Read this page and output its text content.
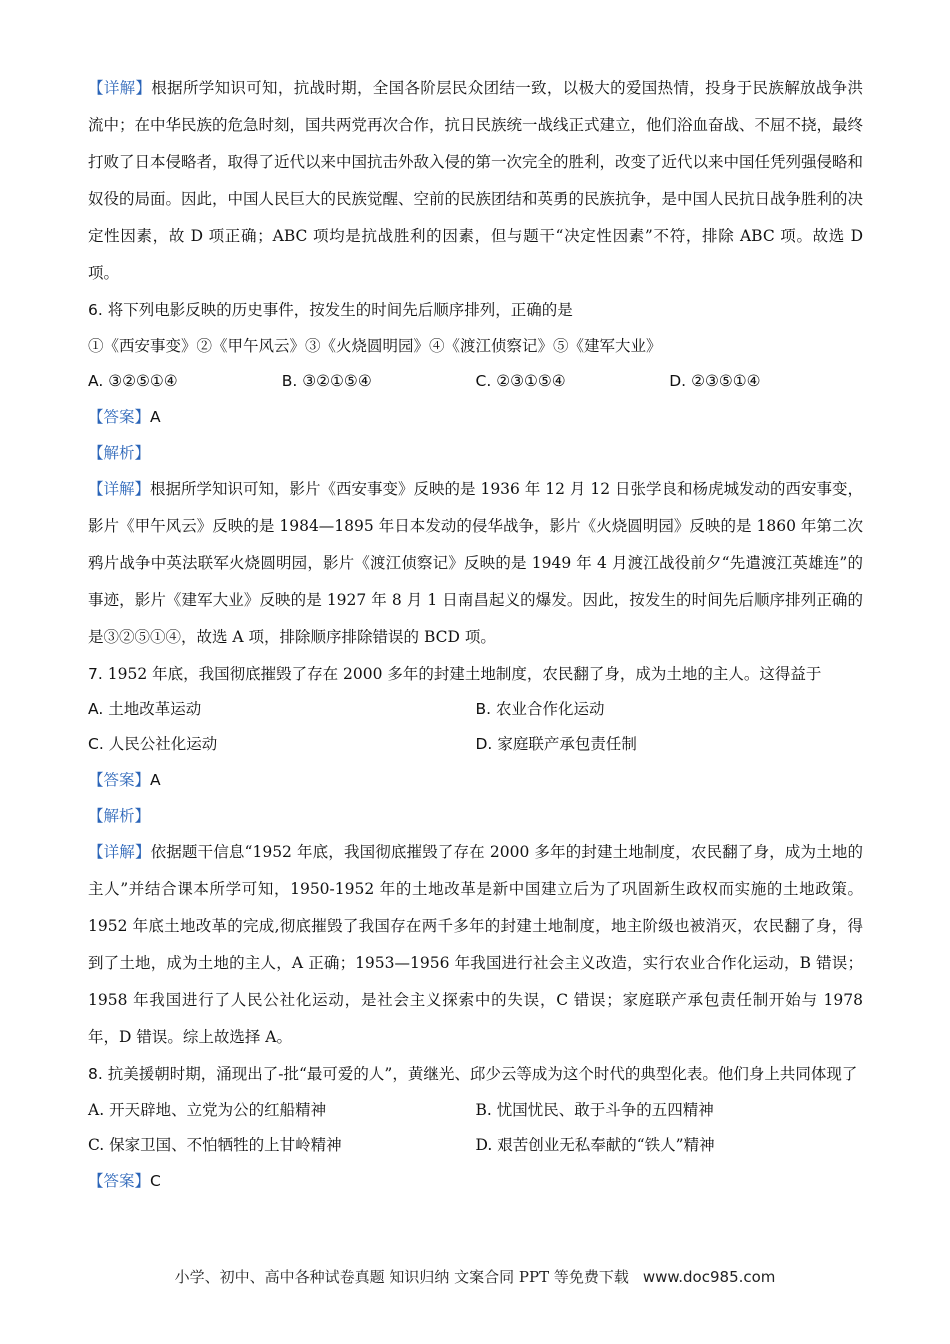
【详解】根据所学知识可知，抗战时期，全国各阶层民众团结一致，以极大的爱国热情，投身于民族解放战争洪流中；在中华民族的危急时刻，国共两党再次合作，抗日民族统一战线正式建立，他们浴血奋战、不屈不挠，最终打败了日本侵略者，取得了近代以来中国抗击外敌入侵的第一次完全的胜利，改变了近代以来中国任凭列强侵略和奴役的局面。因此，中国人民巨大的民族觉醒、空前的民族团结和英勇的民族抗争，是中国人民抗日战争胜利的决定性因素，故 D 项正确；ABC 项均是抗战胜利的因素，但与题干“决定性因素”不符，排除 ABC 项。故选 D 项。

6. 将下列电影反映的历史事件，按发生的时间先后顺序排列，正确的是

①《西安事变》②《甲午风云》③《火烧圆明园》④《渡江侦察记》⑤《建军大业》

A. ③②⑤①④	B. ③②①⑤④	C. ②③①⑤④	D. ②③⑤①④

【答案】A

【解析】

【详解】根据所学知识可知，影片《西安事变》反映的是 1936 年 12 月 12 日张学良和杨虎城发动的西安事变，影片《甲午风云》反映的是 1984—1895 年日本发动的侵华战争，影片《火烧圆明园》反映的是 1860 年第二次鸦片战争中英法联军火烧圆明园，影片《渡江侦察记》反映的是 1949 年 4 月渡江战役前夕“先遣渡江英雄连”的事迹，影片《建军大业》反映的是 1927 年 8 月 1 日南昌起义的爆发。因此，按发生的时间先后顺序排列正确的是③②⑤①④，故选 A 项，排除顺序排除错误的 BCD 项。

7. 1952 年底，我国彻底摧毁了存在 2000 多年的封建土地制度，农民翻了身，成为土地的主人。这得益于

A. 土地改革运动	B. 农业合作化运动
C. 人民公社化运动	D. 家庭联产承包责任制

【答案】A

【解析】

【详解】依据题干信息“1952 年底，我国彻底摧毁了存在 2000 多年的封建土地制度，农民翻了身，成为土地的主人”并结合课本所学可知，1950-1952 年的土地改革是新中国建立后为了巩固新生政权而实施的土地政策。1952 年底土地改革的完成,彻底摧毁了我国存在两千多年的封建土地制度，地主阶级也被消灭，农民翻了身，得到了土地，成为土地的主人，A 正确；1953—1956 年我国进行社会主义改造，实行农业合作化运动，B 错误；1958 年我国进行了人民公社化运动，是社会主义探索中的失误，C 错误；家庭联产承包责任制开始与 1978 年，D 错误。综上故选择 A。

8. 抗美援朝时期，涌现出了-批“最可爱的人”，黄继光、邱少云等成为这个时代的典型化表。他们身上共同体现了

A. 开天辟地、立党为公的红船精神	B. 忧国忧民、敢于斗争的五四精神
C. 保家卫国、不怕牺牲的上甘岭精神	D. 艰苦创业无私奉献的“铁人”精神

【答案】C

小学、初中、高中各种试卷真题 知识归纳 文案合同 PPT 等免费下载 www.doc985.com
